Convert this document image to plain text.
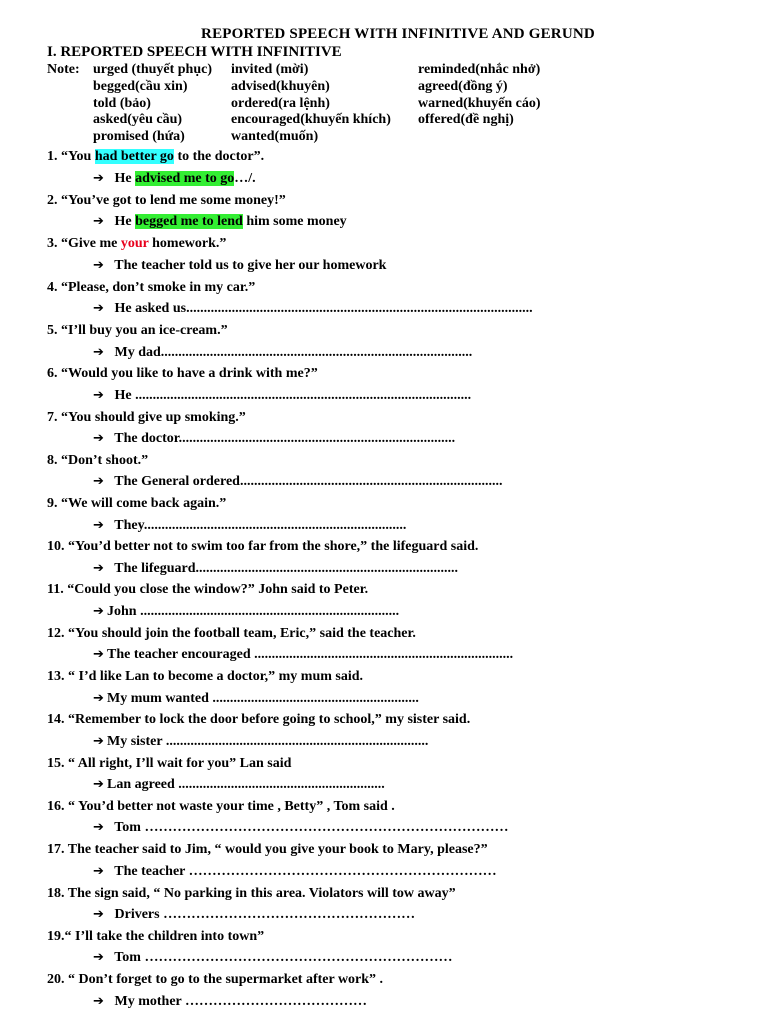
REPORTED SPEECH WITH INFINITIVE AND GERUND
I. REPORTED SPEECH WITH INFINITIVE
Note: urged (thuyết phục)	invited (mời)	reminded(nhắc nhở)
begged(cầu xin)	advised(khuyên)	agreed(đồng ý)
told (bảo)	ordered(ra lệnh)	warned(khuyến cáo)
asked(yêu cầu)	encouraged(khuyến khích)	offered(đề nghị)
promised (hứa)	wanted(muốn)
1. “You had better go to the doctor”.
➔ He advised me to go…/.
2. “You’ve got to lend me some money!”
➔ He begged me to lend him some money
3. “Give me your homework.”
➔ The teacher told us to give her our homework
4. “Please, don’t smoke in my car.”
➔ He asked us...................................................................................................
5. “I’ll buy you an ice-cream.”
➔ My dad.........................................................................................
6. “Would you like to have a drink with me?”
➔ He ................................................................................................
7. “You should give up smoking.”
➔ The doctor...............................................................................
8. “Don’t shoot.”
➔ The General ordered...........................................................................
9. “We will come back again.”
➔ They...........................................................................
10. “You’d better not to swim too far from the shore,” the lifeguard said.
➔ The lifeguard...........................................................................
11. “Could you close the window?” John said to Peter.
➔ John ..........................................................................
12. “You should join the football team, Eric,” said the teacher.
➔ The teacher encouraged ..........................................................................
13. “ I’d like Lan to become a doctor,” my mum said.
➔ My mum wanted ...........................................................
14. “Remember to lock the door before going to school,” my sister said.
➔ My sister ...........................................................................
15. “ All right, I’ll wait for you” Lan said
➔ Lan agreed ...........................................................
16. “ You’d better not waste your time , Betty” , Tom said .
➔ Tom ……………………………………………………………………
17. The teacher said to Jim, “ would you give your book to Mary, please?”
➔ The teacher …………………………………………………………
18. The sign said, “ No parking in this area. Violators will tow away”
➔ Drivers ………………………………………………
19.“ I’ll take the children into town”
➔ Tom …………………………………………………………
20. “ Don’t forget to go to the supermarket after work” .
➔ My mother …………………………………
